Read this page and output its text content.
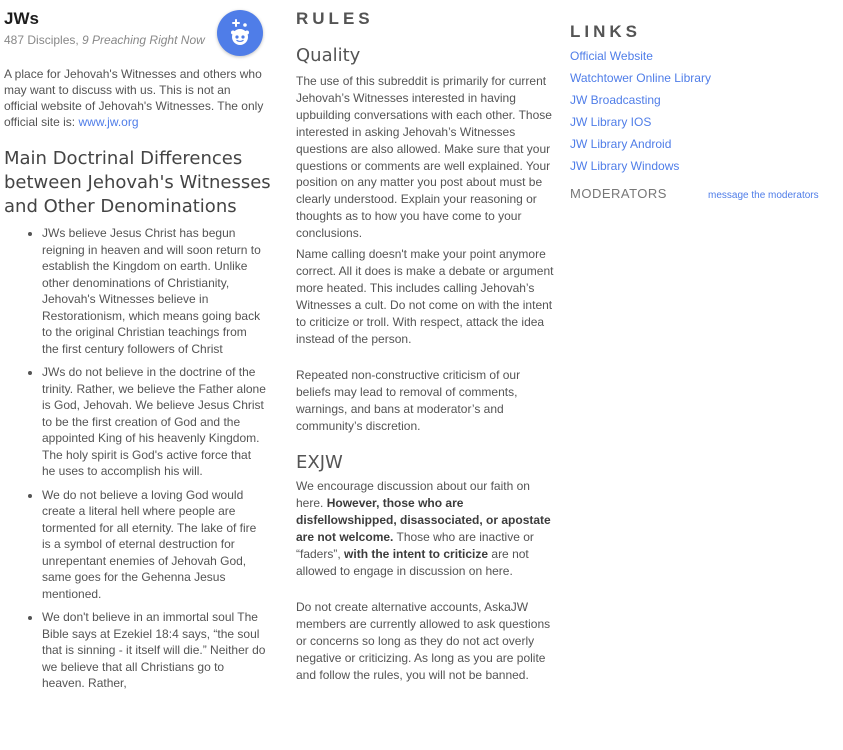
JWs
487 Disciples, 9 Preaching Right Now
A place for Jehovah's Witnesses and others who may want to discuss with us. This is not an official website of Jehovah's Witnesses. The only official site is: www.jw.org
Main Doctrinal Differences between Jehovah's Witnesses and Other Denominations
• JWs believe Jesus Christ has begun reigning in heaven and will soon return to establish the Kingdom on earth. Unlike other denominations of Christianity, Jehovah's Witnesses believe in Restorationism, which means going back to the original Christian teachings from the first century followers of Christ
• JWs do not believe in the doctrine of the trinity. Rather, we believe the Father alone is God, Jehovah. We believe Jesus Christ to be the first creation of God and the appointed King of his heavenly Kingdom. The holy spirit is God's active force that he uses to accomplish his will.
• We do not believe a loving God would create a literal hell where people are tormented for all eternity. The lake of fire is a symbol of eternal destruction for unrepentant enemies of Jehovah God, same goes for the Gehenna Jesus mentioned.
• We don't believe in an immortal soul The Bible says at Ezekiel 18:4 says, “the soul that is sinning - it itself will die.” Neither do we believe that all Christians go to heaven. Rather,
RULES
Quality

The use of this subreddit is primarily for current Jehovah’s Witnesses interested in having upbuilding conversations with each other. Those interested in asking Jehovah’s Witnesses questions are also allowed. Make sure that your questions or comments are well explained. Your position on any matter you post about must be clearly understood. Explain your reasoning or thoughts as to how you have come to your conclusions.

Name calling doesn't make your point anymore correct. All it does is make a debate or argument more heated. This includes calling Jehovah’s Witnesses a cult. Do not come on with the intent to criticize or troll. With respect, attack the idea instead of the person.

Repeated non-constructive criticism of our beliefs may lead to removal of comments, warnings, and bans at moderator’s and community’s discretion.

EXJW

We encourage discussion about our faith on here. However, those who are disfellowshipped, disassociated, or apostate are not welcome. Those who are inactive or “faders”, with the intent to criticize are not allowed to engage in discussion on here.

Do not create alternative accounts, AskaJW members are currently allowed to ask questions or concerns so long as they do not act overly negative or criticizing. As long as you are polite and follow the rules, you will not be banned.

LINKS
Official Website
Watchtower Online Library
JW Broadcasting
JW Library IOS
JW Library Android
JW Library Windows
MODERATORS	message the moderators
